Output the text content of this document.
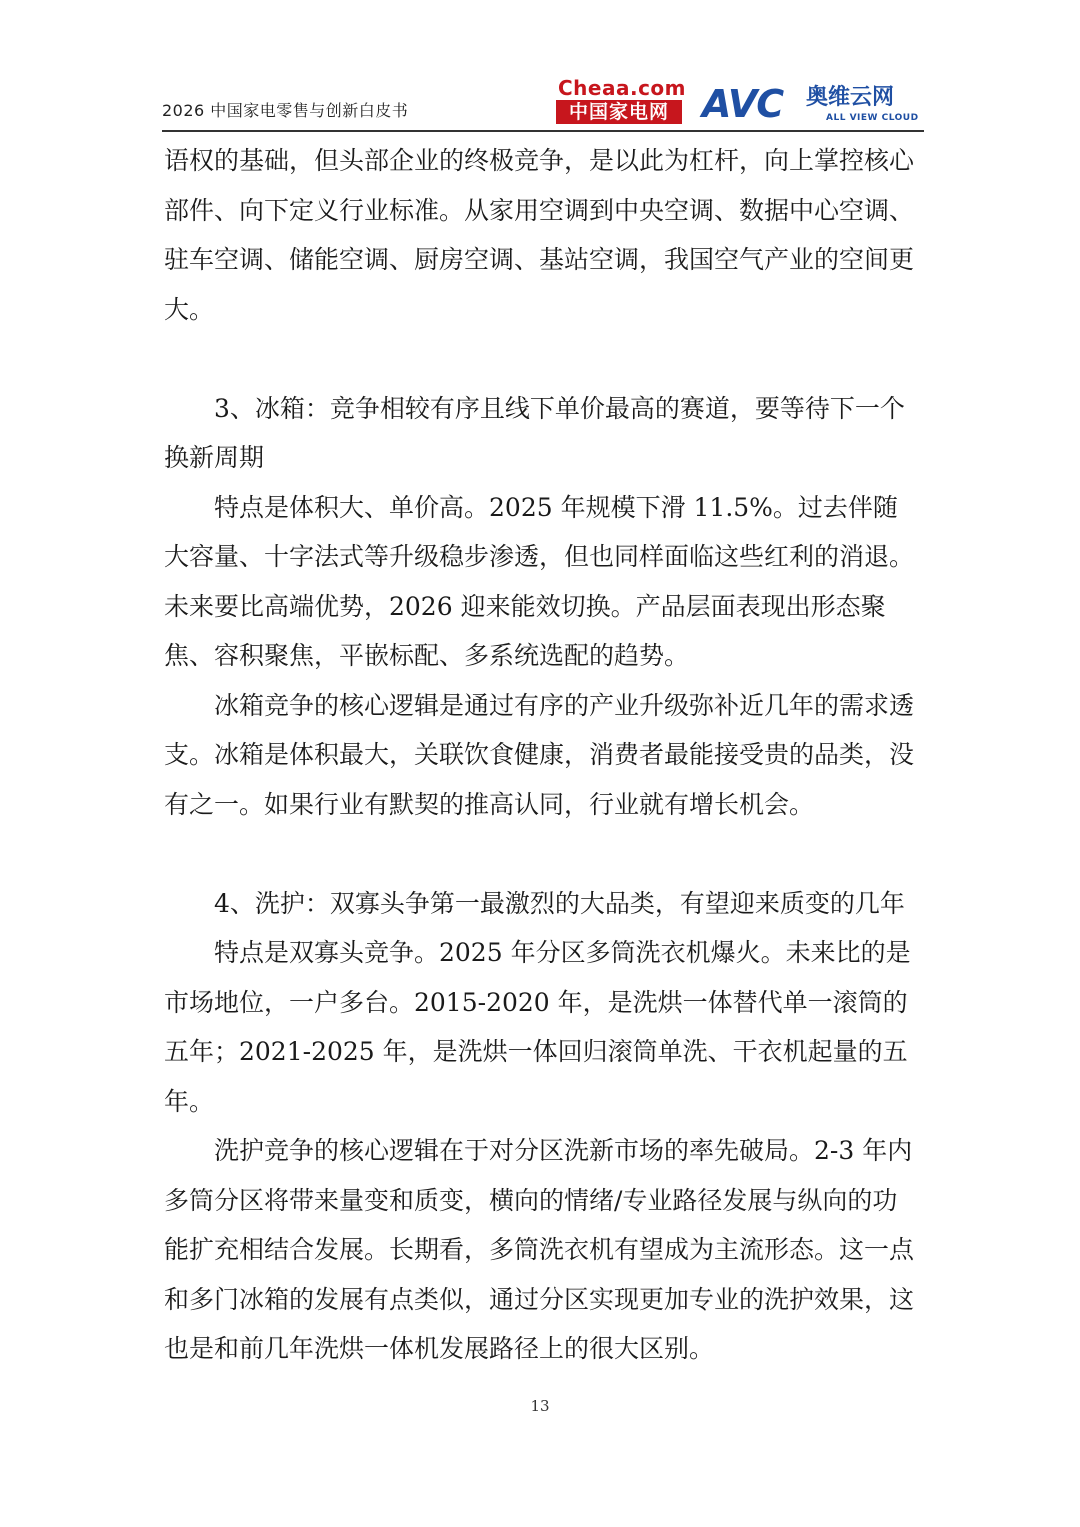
2026 中国家电零售与创新白皮书
Cheaa.com
中国家电网 AVC 奥维云网
ALL VIEW CLOUD

语权的基础，但头部企业的终极竞争，是以此为杠杆，向上掌控核心部件、向下定义行业标准。从家用空调到中央空调、数据中心空调、驻车空调、储能空调、厨房空调、基站空调，我国空气产业的空间更大。

3、冰箱：竞争相较有序且线下单价最高的赛道，要等待下一个换新周期

特点是体积大、单价高。2025 年规模下滑 11.5%。过去伴随大容量、十字法式等升级稳步渗透，但也同样面临这些红利的消退。未来要比高端优势，2026 迎来能效切换。产品层面表现出形态聚焦、容积聚焦，平嵌标配、多系统选配的趋势。

冰箱竞争的核心逻辑是通过有序的产业升级弥补近几年的需求透支。冰箱是体积最大，关联饮食健康，消费者最能接受贵的品类，没有之一。如果行业有默契的推高认同，行业就有增长机会。

4、洗护：双寡头争第一最激烈的大品类，有望迎来质变的几年

特点是双寡头竞争。2025 年分区多筒洗衣机爆火。未来比的是市场地位，一户多台。2015-2020 年，是洗烘一体替代单一滚筒的五年；2021-2025 年，是洗烘一体回归滚筒单洗、干衣机起量的五年。

洗护竞争的核心逻辑在于对分区洗新市场的率先破局。2-3 年内多筒分区将带来量变和质变，横向的情绪/专业路径发展与纵向的功能扩充相结合发展。长期看，多筒洗衣机有望成为主流形态。这一点和多门冰箱的发展有点类似，通过分区实现更加专业的洗护效果，这也是和前几年洗烘一体机发展路径上的很大区别。

13
